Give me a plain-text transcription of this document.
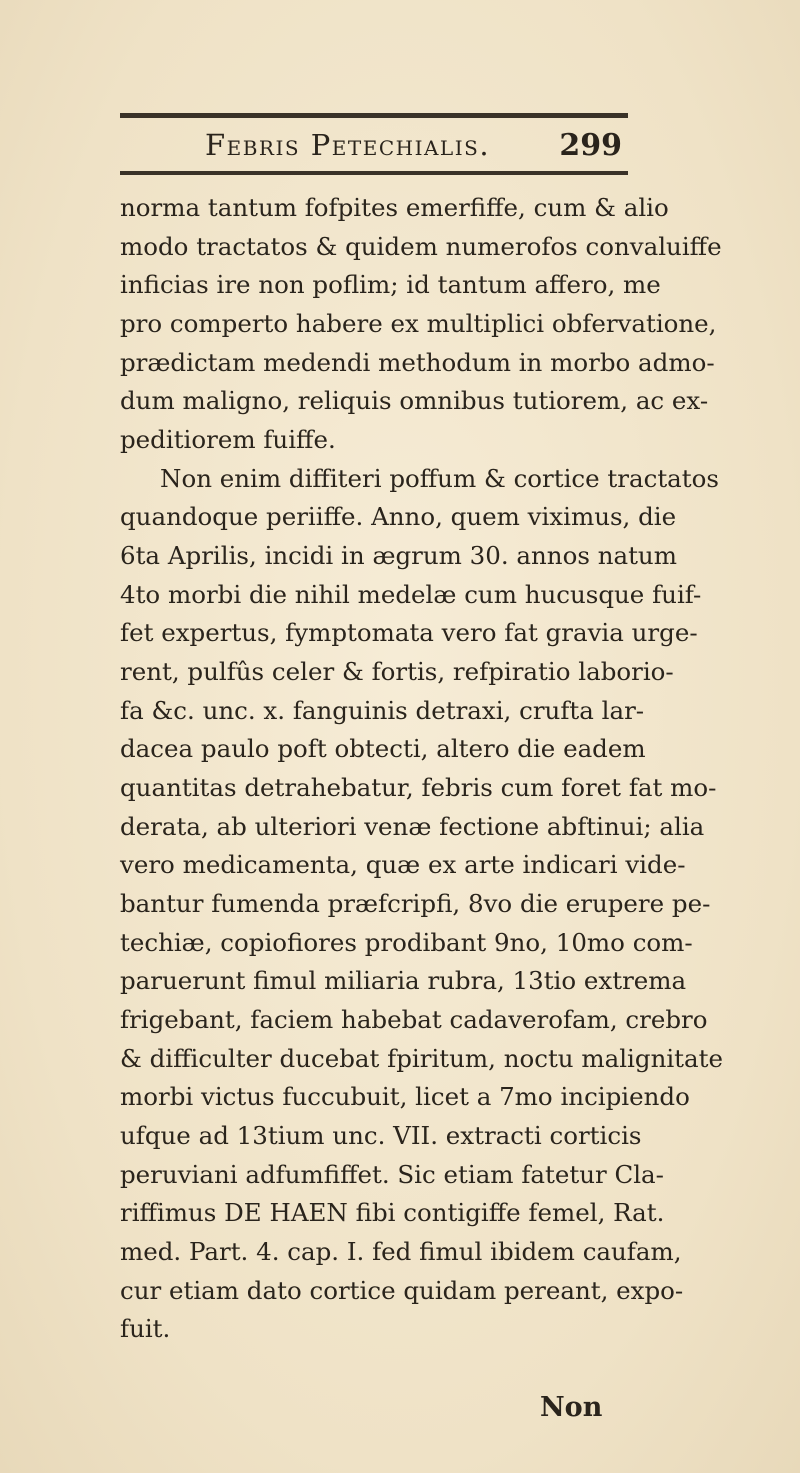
Febris Petechialis. 299
norma tantum fofpites emerfiffe, cum & alio
modo tractatos & quidem numerofos convaluiffe
inficias ire non poflim; id tantum affero, me
pro comperto habere ex multiplici obfervatione,
prædictam medendi methodum in morbo admo-
dum maligno, reliquis omnibus tutiorem, ac ex-
peditiorem fuiffe.
Non enim diffiteri poffum & cortice tractatos
quandoque periiffe. Anno, quem viximus, die
6ta Aprilis, incidi in ægrum 30. annos natum
4to morbi die nihil medelæ cum hucusque fuif-
fet expertus, fymptomata vero fat gravia urge-
rent, pulfûs celer & fortis, refpiratio laborio-
fa &c. unc. x. fanguinis detraxi, crufta lar-
dacea paulo poft obtecti, altero die eadem
quantitas detrahebatur, febris cum foret fat mo-
derata, ab ulteriori venæ fectione abftinui; alia
vero medicamenta, quæ ex arte indicari vide-
bantur fumenda præfcripfi, 8vo die erupere pe-
techiæ, copiofiores prodibant 9no, 10mo com-
paruerunt fimul miliaria rubra, 13tio extrema
frigebant, faciem habebat cadaverofam, crebro
& difficulter ducebat fpiritum, noctu malignitate
morbi victus fuccubuit, licet a 7mo incipiendo
ufque ad 13tium unc. VII. extracti corticis
peruviani adfumfiffet. Sic etiam fatetur Cla-
riffimus DE HAEN fibi contigiffe femel, Rat.
med. Part. 4. cap. I. fed fimul ibidem caufam,
cur etiam dato cortice quidam pereant, expo-
fuit.
Non
